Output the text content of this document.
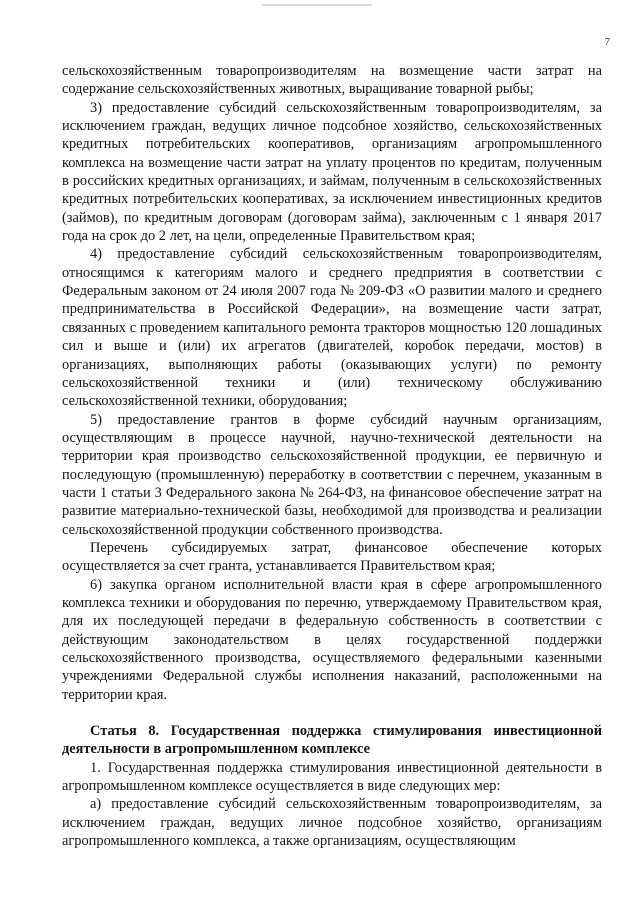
7

сельскохозяйственным товаропроизводителям на возмещение части затрат на содержание сельскохозяйственных животных, выращивание товарной рыбы;

3) предоставление субсидий сельскохозяйственным товаропроизводителям, за исключением граждан, ведущих личное подсобное хозяйство, сельскохозяйственных кредитных потребительских кооперативов, организациям агропромышленного комплекса на возмещение части затрат на уплату процентов по кредитам, полученным в российских кредитных организациях, и займам, полученным в сельскохозяйственных кредитных потребительских кооперативах, за исключением инвестиционных кредитов (займов), по кредитным договорам (договорам займа), заключенным с 1 января 2017 года на срок до 2 лет, на цели, определенные Правительством края;

4) предоставление субсидий сельскохозяйственным товаропроизводителям, относящимся к категориям малого и среднего предприятия в соответствии с Федеральным законом от 24 июля 2007 года № 209-ФЗ «О развитии малого и среднего предпринимательства в Российской Федерации», на возмещение части затрат, связанных с проведением капитального ремонта тракторов мощностью 120 лошадиных сил и выше и (или) их агрегатов (двигателей, коробок передачи, мостов) в организациях, выполняющих работы (оказывающих услуги) по ремонту сельскохозяйственной техники и (или) техническому обслуживанию сельскохозяйственной техники, оборудования;

5) предоставление грантов в форме субсидий научным организациям, осуществляющим в процессе научной, научно-технической деятельности на территории края производство сельскохозяйственной продукции, ее первичную и последующую (промышленную) переработку в соответствии с перечнем, указанным в части 1 статьи 3 Федерального закона № 264-ФЗ, на финансовое обеспечение затрат на развитие материально-технической базы, необходимой для производства и реализации сельскохозяйственной продукции собственного производства.

Перечень субсидируемых затрат, финансовое обеспечение которых осуществляется за счет гранта, устанавливается Правительством края;

6) закупка органом исполнительной власти края в сфере агропромышленного комплекса техники и оборудования по перечню, утверждаемому Правительством края, для их последующей передачи в федеральную собственность в соответствии с действующим законодательством в целях государственной поддержки сельскохозяйственного производства, осуществляемого федеральными казенными учреждениями Федеральной службы исполнения наказаний, расположенными на территории края.

Статья 8. Государственная поддержка стимулирования инвестиционной деятельности в агропромышленном комплексе

1. Государственная поддержка стимулирования инвестиционной деятельности в агропромышленном комплексе осуществляется в виде следующих мер:

а) предоставление субсидий сельскохозяйственным товаропроизводителям, за исключением граждан, ведущих личное подсобное хозяйство, организациям агропромышленного комплекса, а также организациям, осуществляющим
